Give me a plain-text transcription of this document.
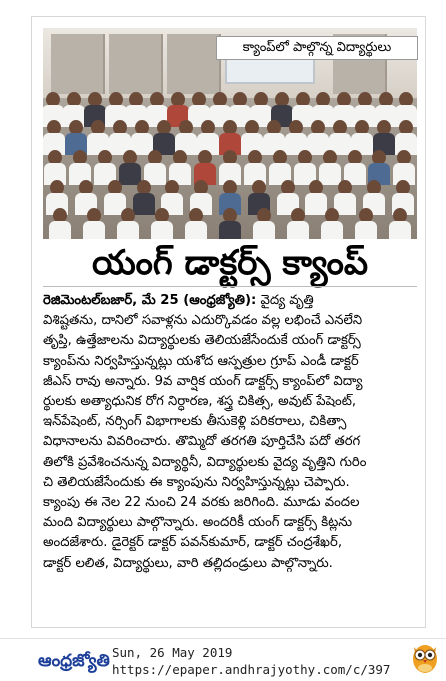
క్యాంప్‌లో పాల్గొన్న విద్యార్థులు
యంగ్ డాక్టర్స్ క్యాంప్
రెజిమెంటల్‌బజార్, మే 25 (ఆంధ్రజ్యోతి): వైద్య వృత్తి
విశిష్టతను, దానిలో సవాళ్లను ఎదుర్కొవడం వల్ల లభించే ఎనలేని
తృప్తి, ఉత్తేజాలను విద్యార్థులకు తెలియజేసేందుకే యంగ్ డాక్టర్స్
క్యాంప్‌ను నిర్వహిస్తున్నట్లు యశోద ఆస్పత్రుల గ్రూప్ ఎండీ డాక్టర్
జీఎస్ రావు అన్నారు. 9వ వార్షిక యంగ్ డాక్టర్స్ క్యాంప్‌లో విద్యా
ర్థులకు అత్యాధునిక రోగ నిర్ధారణ, శస్త్ర చికిత్స, అవుట్ పేషెంట్,
ఇన్‌పేషెంట్, నర్సింగ్ విభాగాలకు తీసుకెళ్లి పరికరాలు, చికిత్సా
విధానాలను వివరించారు. తొమ్మిదో తరగతి పూర్తిచేసి పదో తరగ
తిలోకి ప్రవేశించనున్న విద్యార్థినీ, విద్యార్థులకు వైద్య వృత్తిని గురిం
చి తెలియజేసేందుకు ఈ క్యాంపును నిర్వహిస్తున్నట్లు చెప్పారు.
క్యాంపు ఈ నెల 22 నుంచి 24 వరకు జరిగింది. మూడు వందల
మంది విద్యార్థులు పాల్గొన్నారు. అందరికీ యంగ్ డాక్టర్స్ కిట్లను
అందజేశారు. డైరెక్టర్ డాక్టర్ పవన్‌కుమార్, డాక్టర్ చంద్రశేఖర్,
డాక్టర్ లలిత, విద్యార్థులు, వారి తల్లిదండ్రులు పాల్గొన్నారు.
ఆంధ్రజ్యోతి Sun, 26 May 2019
https://epaper.andhrajyothy.com/c/397
